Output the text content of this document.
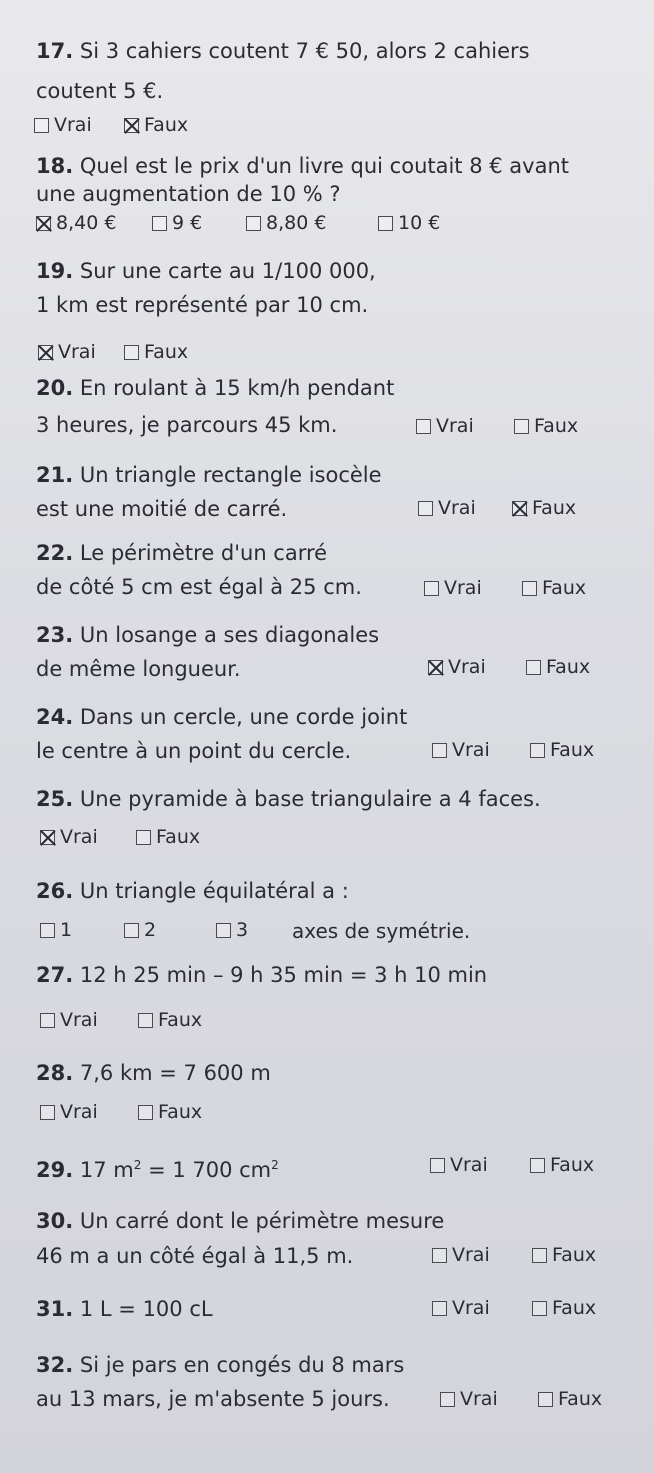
17. Si 3 cahiers coutent 7 € 50, alors 2 cahiers
coutent 5 €.
Vrai	Faux
18. Quel est le prix d'un livre qui coutait 8 € avant
une augmentation de 10 % ?
8,40 €	9 €	8,80 €	10 €
19. Sur une carte au 1/100 000,
1 km est représenté par 10 cm.
Vrai	Faux
20. En roulant à 15 km/h pendant
3 heures, je parcours 45 km.	Vrai	Faux
21. Un triangle rectangle isocèle
est une moitié de carré.	Vrai	Faux
22. Le périmètre d'un carré
de côté 5 cm est égal à 25 cm.	Vrai	Faux
23. Un losange a ses diagonales
de même longueur.	Vrai	Faux
24. Dans un cercle, une corde joint
le centre à un point du cercle.	Vrai	Faux
25. Une pyramide à base triangulaire a 4 faces.
Vrai	Faux
26. Un triangle équilatéral a :
1	2	3 axes de symétrie.
27. 12 h 25 min – 9 h 35 min = 3 h 10 min
Vrai	Faux
28. 7,6 km = 7 600 m
Vrai	Faux
29. 17 $m^2 = 1$ 700 $cm^2$	Vrai	Faux
30. Un carré dont le périmètre mesure
46 m a un côté égal à 11,5 m.	Vrai	Faux
31. 1 L = 100 cL	Vrai	Faux
32. Si je pars en congés du 8 mars
au 13 mars, je m'absente 5 jours.	Vrai	Faux
